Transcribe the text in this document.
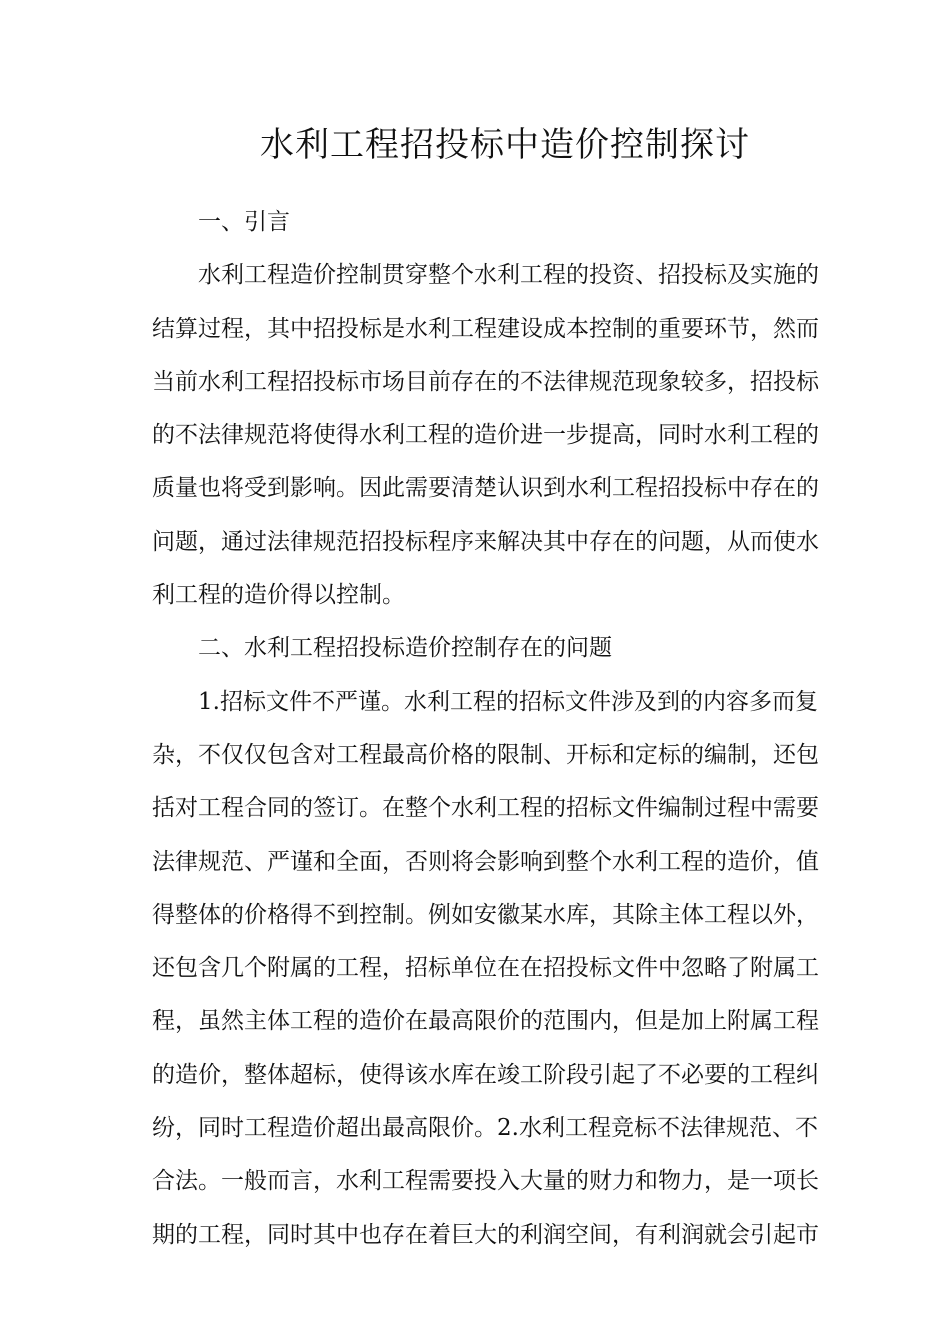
水利工程招投标中造价控制探讨
一、引言
水利工程造价控制贯穿整个水利工程的投资、招投标及实施的
结算过程，其中招投标是水利工程建设成本控制的重要环节，然而
当前水利工程招投标市场目前存在的不法律规范现象较多，招投标
的不法律规范将使得水利工程的造价进一步提高，同时水利工程的
质量也将受到影响。因此需要清楚认识到水利工程招投标中存在的
问题，通过法律规范招投标程序来解决其中存在的问题，从而使水
利工程的造价得以控制。
二、水利工程招投标造价控制存在的问题
1.招标文件不严谨。水利工程的招标文件涉及到的内容多而复
杂，不仅仅包含对工程最高价格的限制、开标和定标的编制，还包
括对工程合同的签订。在整个水利工程的招标文件编制过程中需要
法律规范、严谨和全面，否则将会影响到整个水利工程的造价，值
得整体的价格得不到控制。例如安徽某水库，其除主体工程以外，
还包含几个附属的工程，招标单位在在招投标文件中忽略了附属工
程，虽然主体工程的造价在最高限价的范围内，但是加上附属工程
的造价，整体超标，使得该水库在竣工阶段引起了不必要的工程纠
纷，同时工程造价超出最高限价。2.水利工程竞标不法律规范、不
合法。一般而言，水利工程需要投入大量的财力和物力，是一项长
期的工程，同时其中也存在着巨大的利润空间，有利润就会引起市
